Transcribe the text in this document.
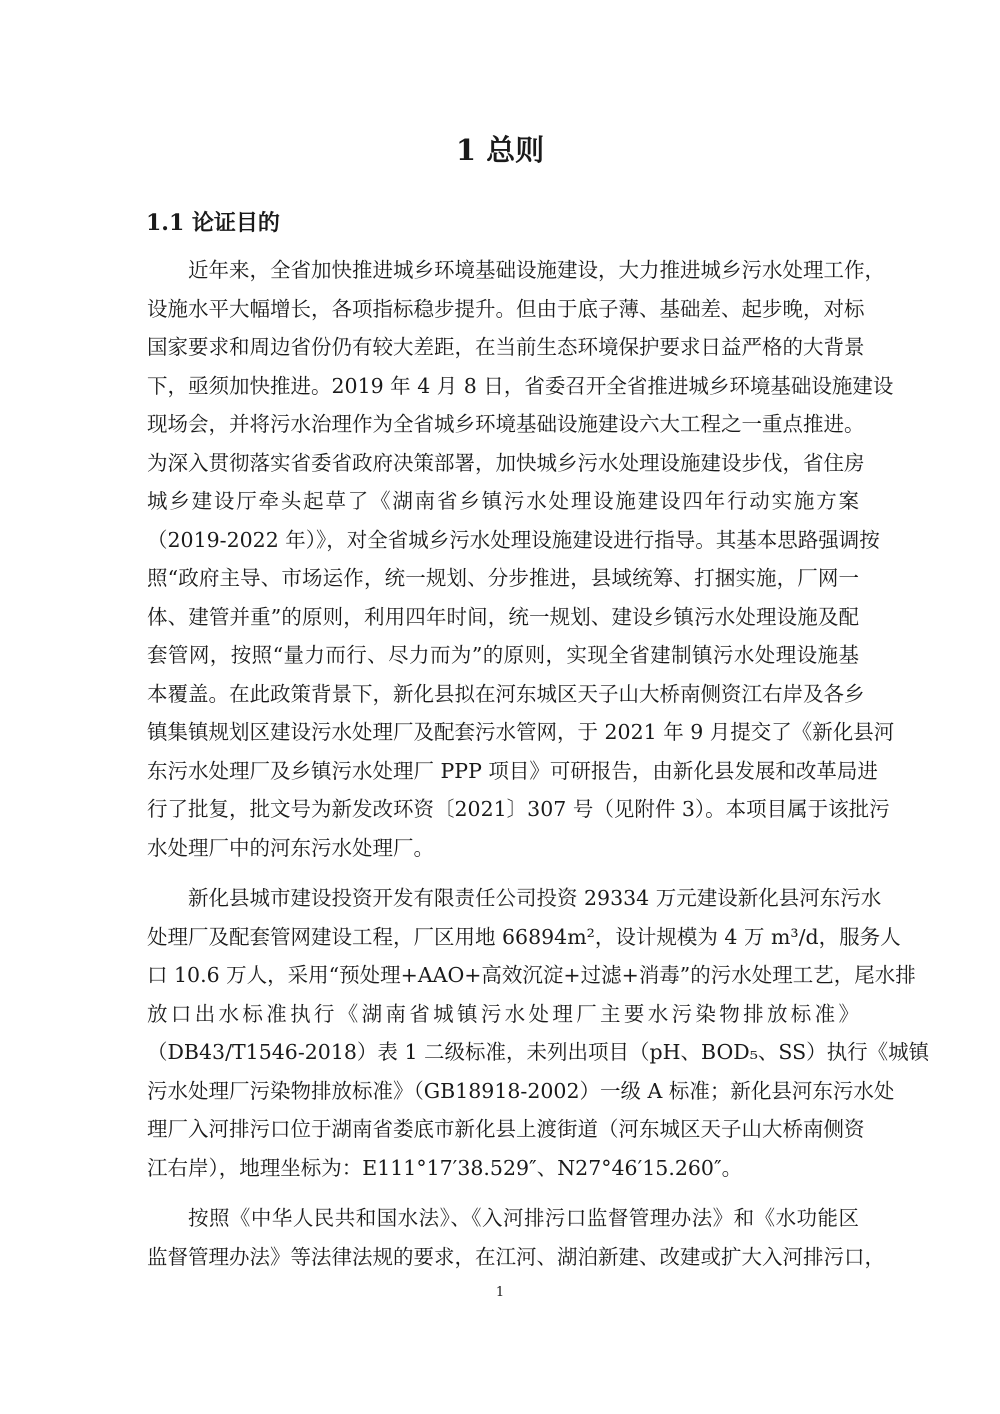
1 总则
1.1 论证目的
近年来，全省加快推进城乡环境基础设施建设，大力推进城乡污水处理工作，
设施水平大幅增长，各项指标稳步提升。但由于底子薄、基础差、起步晚，对标
国家要求和周边省份仍有较大差距，在当前生态环境保护要求日益严格的大背景
下，亟须加快推进。2019 年 4 月 8 日，省委召开全省推进城乡环境基础设施建设
现场会，并将污水治理作为全省城乡环境基础设施建设六大工程之一重点推进。
为深入贯彻落实省委省政府决策部署，加快城乡污水处理设施建设步伐，省住房
城乡建设厅牵头起草了《湖南省乡镇污水处理设施建设四年行动实施方案
（2019-2022 年）》，对全省城乡污水处理设施建设进行指导。其基本思路强调按
照“政府主导、市场运作，统一规划、分步推进，县域统筹、打捆实施，厂网一
体、建管并重”的原则，利用四年时间，统一规划、建设乡镇污水处理设施及配
套管网，按照“量力而行、尽力而为”的原则，实现全省建制镇污水处理设施基
本覆盖。在此政策背景下，新化县拟在河东城区天子山大桥南侧资江右岸及各乡
镇集镇规划区建设污水处理厂及配套污水管网，于 2021 年 9 月提交了《新化县河
东污水处理厂及乡镇污水处理厂 PPP 项目》可研报告，由新化县发展和改革局进
行了批复，批文号为新发改环资〔2021〕307 号（见附件 3）。本项目属于该批污
水处理厂中的河东污水处理厂。
新化县城市建设投资开发有限责任公司投资 29334 万元建设新化县河东污水
处理厂及配套管网建设工程，厂区用地 66894m²，设计规模为 4 万 m³/d，服务人
口 10.6 万人，采用“预处理+AAO+高效沉淀+过滤+消毒”的污水处理工艺，尾水排
放口出水标准执行《湖南省城镇污水处理厂主要水污染物排放标准》
（DB43/T1546-2018）表 1 二级标准，未列出项目（pH、BOD₅、SS）执行《城镇
污水处理厂污染物排放标准》（GB18918-2002）一级 A 标准；新化县河东污水处
理厂入河排污口位于湖南省娄底市新化县上渡街道（河东城区天子山大桥南侧资
江右岸），地理坐标为：E111°17′38.529″、N27°46′15.260″。
按照《中华人民共和国水法》、《入河排污口监督管理办法》和《水功能区
监督管理办法》等法律法规的要求，在江河、湖泊新建、改建或扩大入河排污口，
1
